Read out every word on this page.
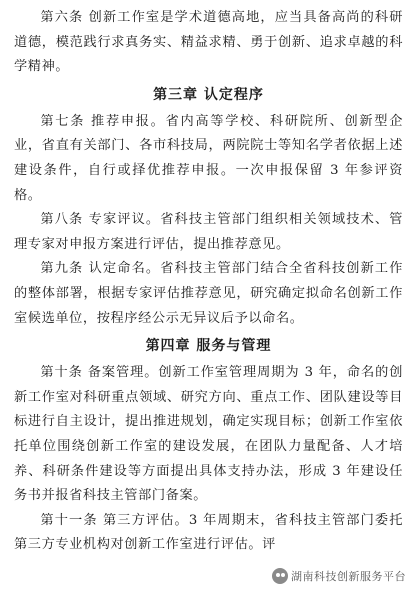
第六条 创新工作室是学术道德高地，应当具备高尚的科研道德，模范践行求真务实、精益求精、勇于创新、追求卓越的科学精神。

第三章 认定程序

第七条 推荐申报。省内高等学校、科研院所、创新型企业，省直有关部门、各市科技局，两院院士等知名学者依据上述建设条件，自行或择优推荐申报。一次申报保留 3 年参评资格。

第八条 专家评议。省科技主管部门组织相关领域技术、管理专家对申报方案进行评估，提出推荐意见。

第九条 认定命名。省科技主管部门结合全省科技创新工作的整体部署，根据专家评估推荐意见，研究确定拟命名创新工作室候选单位，按程序经公示无异议后予以命名。

第四章 服务与管理

第十条 备案管理。创新工作室管理周期为 3 年，命名的创新工作室对科研重点领域、研究方向、重点工作、团队建设等目标进行自主设计，提出推进规划，确定实现目标；创新工作室依托单位围绕创新工作室的建设发展，在团队力量配备、人才培养、科研条件建设等方面提出具体支持办法，形成 3 年建设任务书并报省科技主管部门备案。

第十一条 第三方评估。3 年周期末，省科技主管部门委托第三方专业机构对创新工作室进行评估。评

湖南科技创新服务平台
